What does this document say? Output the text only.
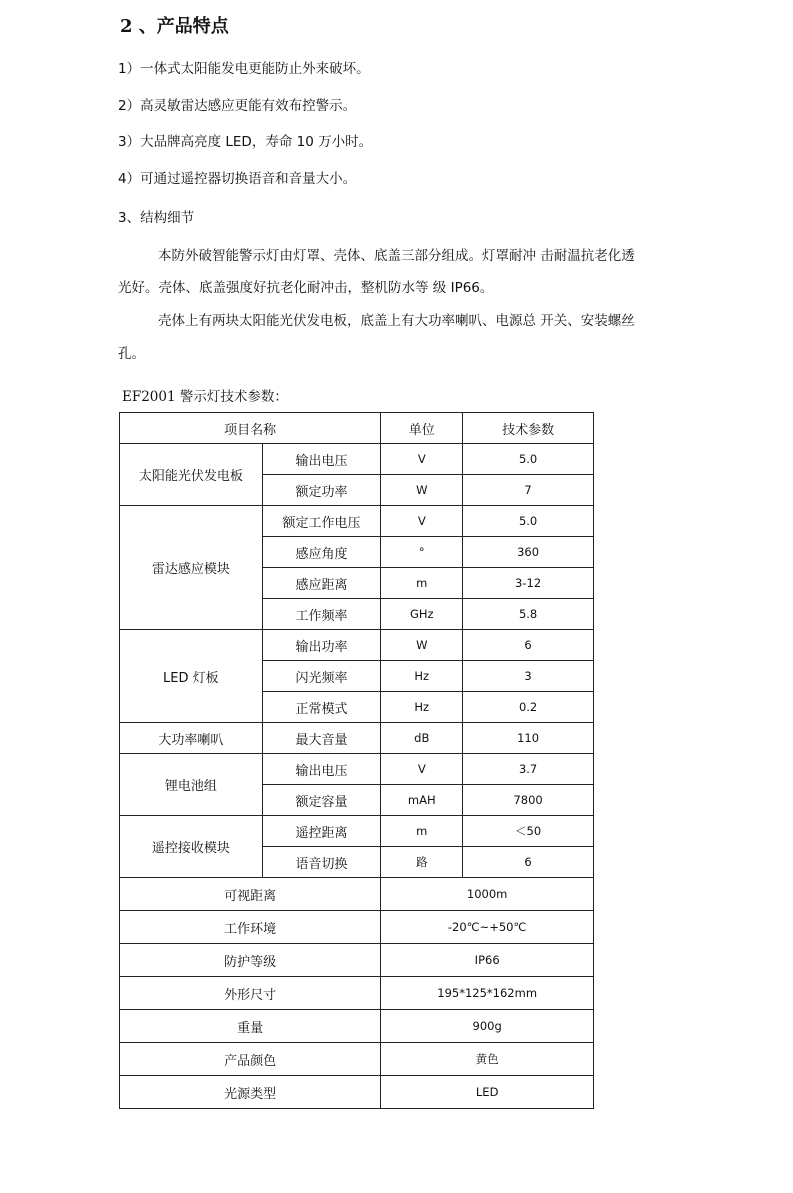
2 、产品特点
1）一体式太阳能发电更能防止外来破坏。
2）高灵敏雷达感应更能有效布控警示。
3）大品牌高亮度 LED，寿命 10 万小时。
4）可通过遥控器切换语音和音量大小。
3、结构细节
本防外破智能警示灯由灯罩、壳体、底盖三部分组成。灯罩耐冲 击耐温抗老化透
光好。壳体、底盖强度好抗老化耐冲击，整机防水等 级 IP66。
壳体上有两块太阳能光伏发电板，底盖上有大功率喇叭、电源总 开关、安装螺丝
孔。
EF2001 警示灯技术参数：
项目名称		单位	技术参数
太阳能光伏发电板	输出电压	V	5.0
	额定功率	W	7
雷达感应模块	额定工作电压	V	5.0
	感应角度	°	360
	感应距离	m	3-12
	工作频率	GHz	5.8
LED 灯板	输出功率	W	6
	闪光频率	Hz	3
	正常模式	Hz	0.2
大功率喇叭	最大音量	dB	110
锂电池组	输出电压	V	3.7
	额定容量	mAH	7800
遥控接收模块	遥控距离	m	＜50
	语音切换	路	6
可视距离		1000m	
工作环境		-20℃~+50℃	
防护等级		IP66	
外形尺寸		195*125*162mm	
重量		900g	
产品颜色		黄色	
光源类型		LED	
